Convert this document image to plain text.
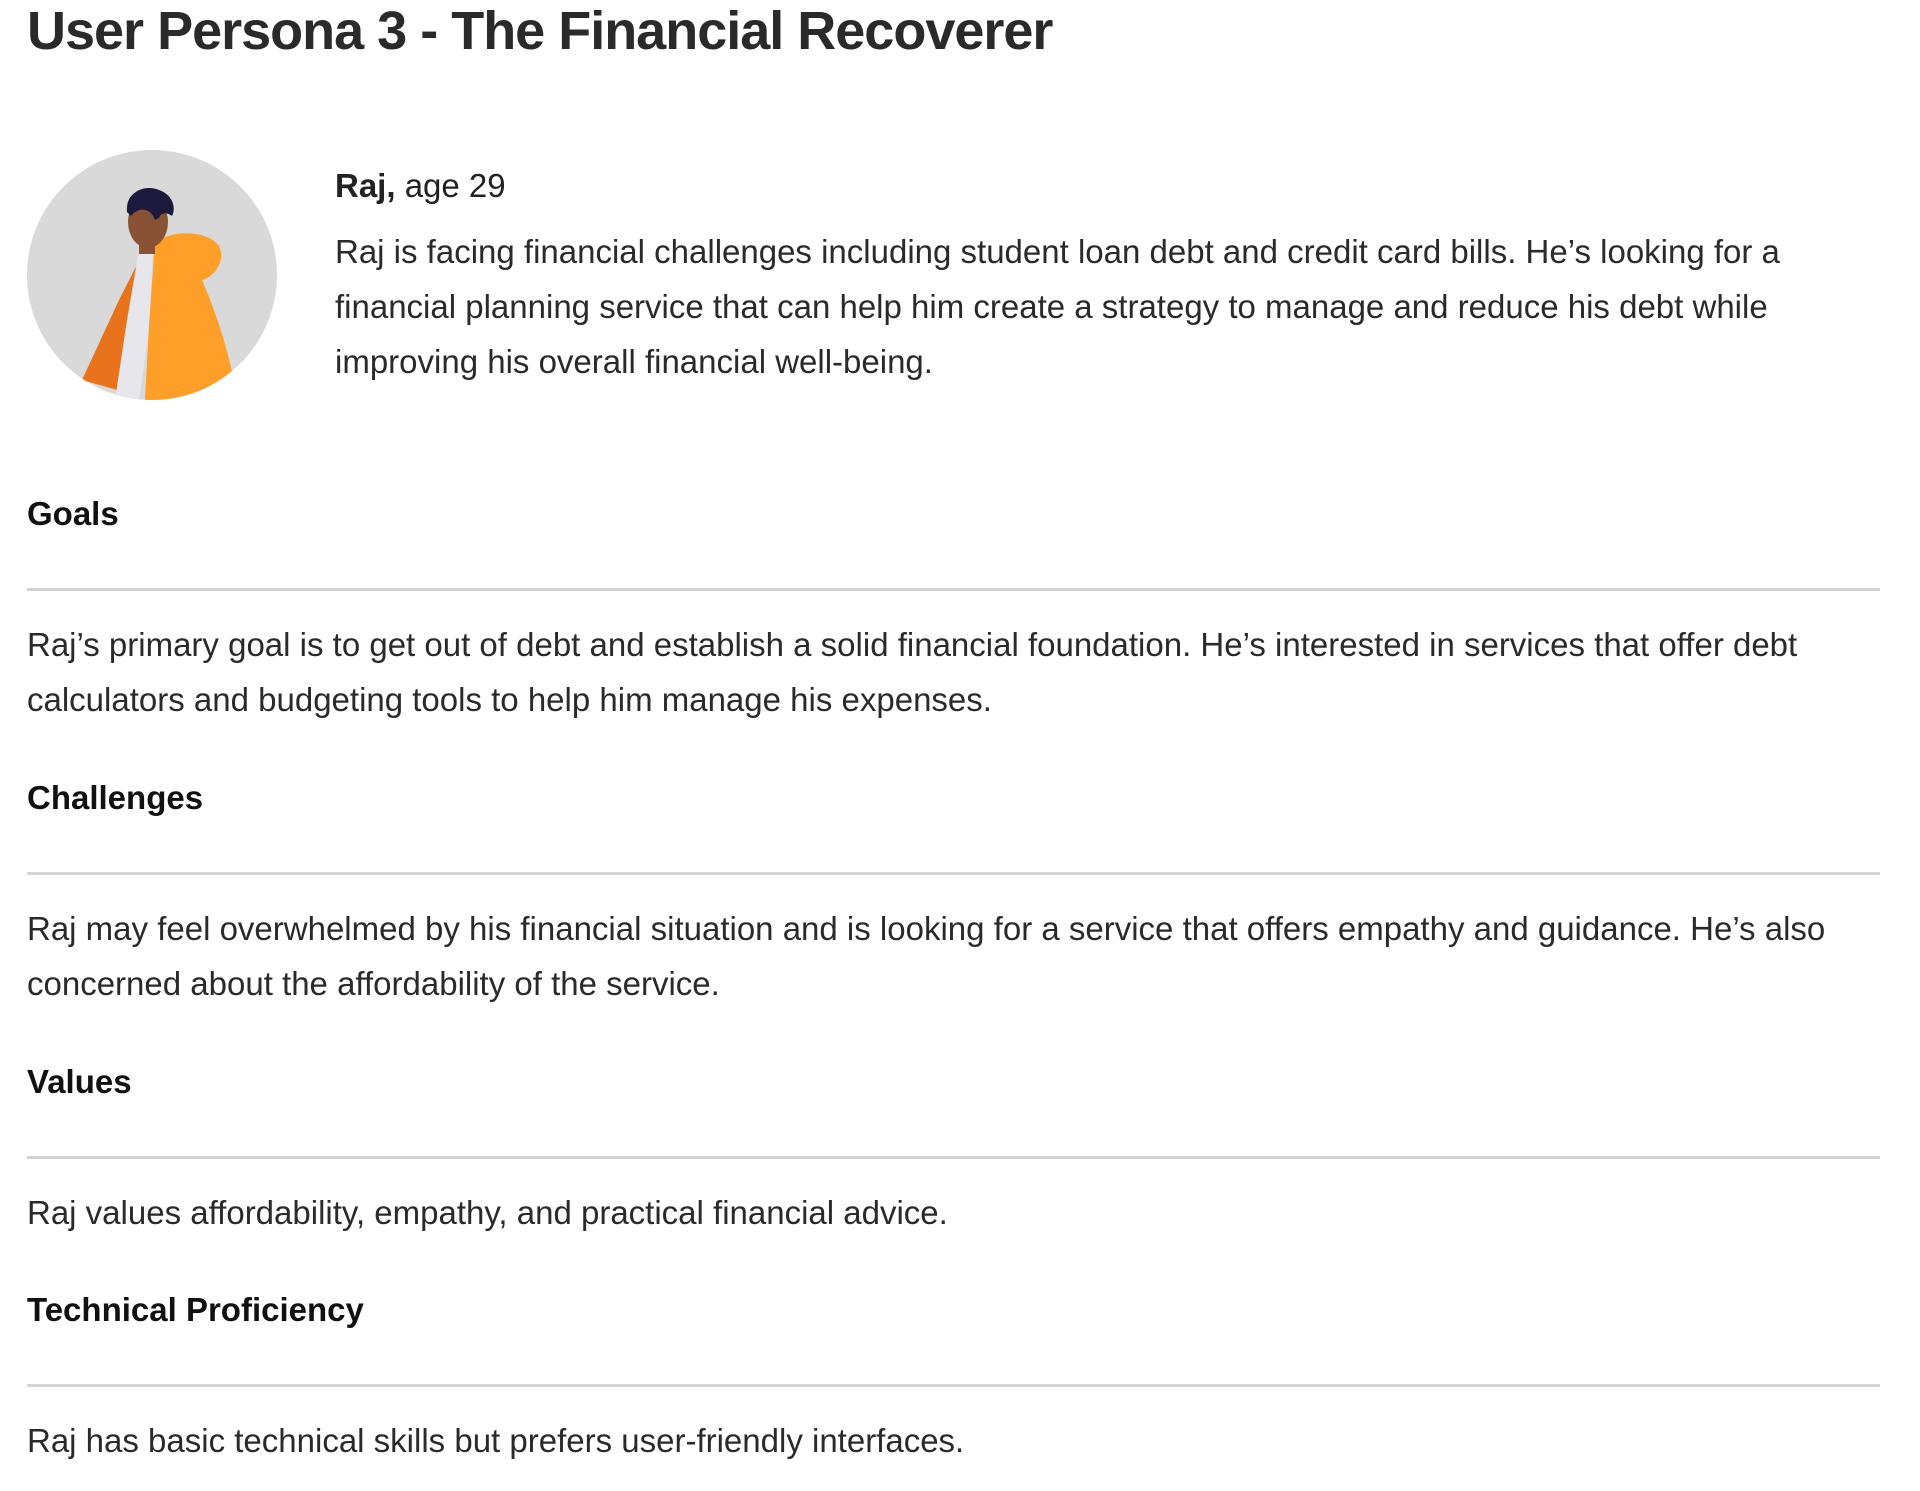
User Persona 3 - The Financial Recoverer
Raj, age 29
Raj is facing financial challenges including student loan debt and credit card bills. He’s looking for a financial planning service that can help him create a strategy to manage and reduce his debt while improving his overall financial well-being.
Goals

Raj’s primary goal is to get out of debt and establish a solid financial foundation. He’s interested in services that offer debt calculators and budgeting tools to help him manage his expenses.

Challenges

Raj may feel overwhelmed by his financial situation and is looking for a service that offers empathy and guidance. He’s also concerned about the affordability of the service.

Values

Raj values affordability, empathy, and practical financial advice.

Technical Proficiency

Raj has basic technical skills but prefers user-friendly interfaces.
